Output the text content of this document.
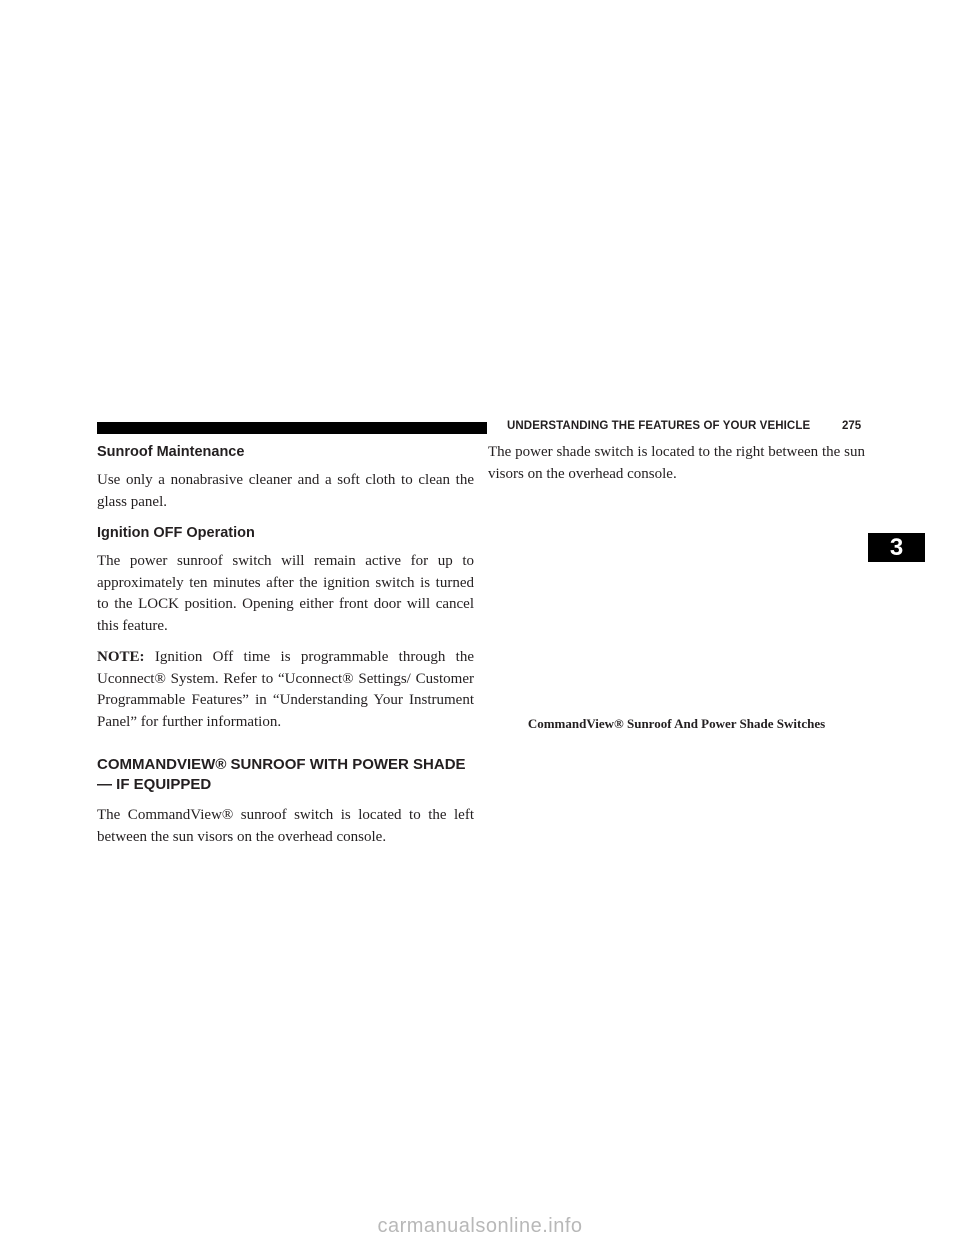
UNDERSTANDING THE FEATURES OF YOUR VEHICLE	275
Sunroof Maintenance

Use only a nonabrasive cleaner and a soft cloth to clean the glass panel.

Ignition OFF Operation

The power sunroof switch will remain active for up to approximately ten minutes after the ignition switch is turned to the LOCK position. Opening either front door will cancel this feature.

NOTE: Ignition Off time is programmable through the Uconnect® System. Refer to “Uconnect® Settings/ Customer Programmable Features” in “Understanding Your Instrument Panel” for further information.

COMMANDVIEW® SUNROOF WITH POWER SHADE — IF EQUIPPED

The CommandView® sunroof switch is located to the left between the sun visors on the overhead console.

The power shade switch is located to the right between the sun visors on the overhead console.

CommandView® Sunroof And Power Shade Switches
3
carmanualsonline.info
